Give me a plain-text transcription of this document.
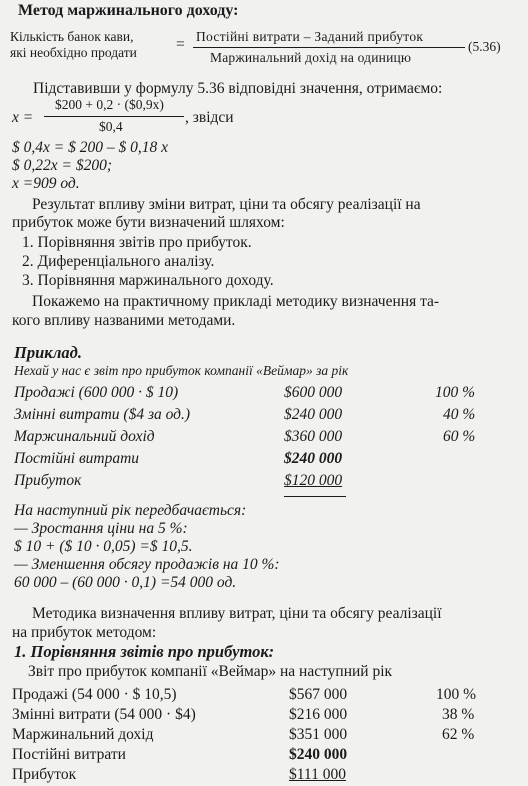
Метод маржинального доходу:
Кількість банок кави,
які необхідно продати	= Постійні витрати – Заданий прибуток
Маржинальний дохід на одиницю
(5.36)
Підставивши у формулу 5.36 відповідні значення, отримаємо:
x =
$200 + 0,2 · ($0,9x)
$0,4
, звідси
$ 0,4x = $ 200 – $ 0,18 x
$ 0,22x = $200;
x =909 од.
Результат впливу зміни витрат, ціни та обсягу реалізації на
прибуток може бути визначений шляхом:
1. Порівняння звітів про прибуток.
2. Диференціального аналізу.
3. Порівняння маржинального доходу.
Покажемо на практичному прикладі методику визначення та-
кого впливу названими методами.
Приклад.
Нехай у нас є звіт про прибуток компанії «Веймар» за рік
Продажі (600 000 · $ 10)	$600 000	100 %
Змінні витрати ($4 за од.)	$240 000	40 %
Маржинальний дохід	$360 000	60 %
Постійні витрати	$240 000
Прибуток	$120 000
На наступний рік передбачається:
— Зростання ціни на 5 %:
$ 10 + ($ 10 · 0,05) =$ 10,5.
— Зменшення обсягу продажів на 10 %:
60 000 – (60 000 · 0,1) =54 000 од.
Методика визначення впливу витрат, ціни та обсягу реалізації
на прибуток методом:
1. Порівняння звітів про прибуток:
Звіт про прибуток компанії «Веймар» на наступний рік
Продажі (54 000 · $ 10,5)	$567 000	100 %
Змінні витрати (54 000 · $4)	$216 000	38 %
Маржинальний дохід	$351 000	62 %
Постійні витрати	$240 000
Прибуток	$111 000
